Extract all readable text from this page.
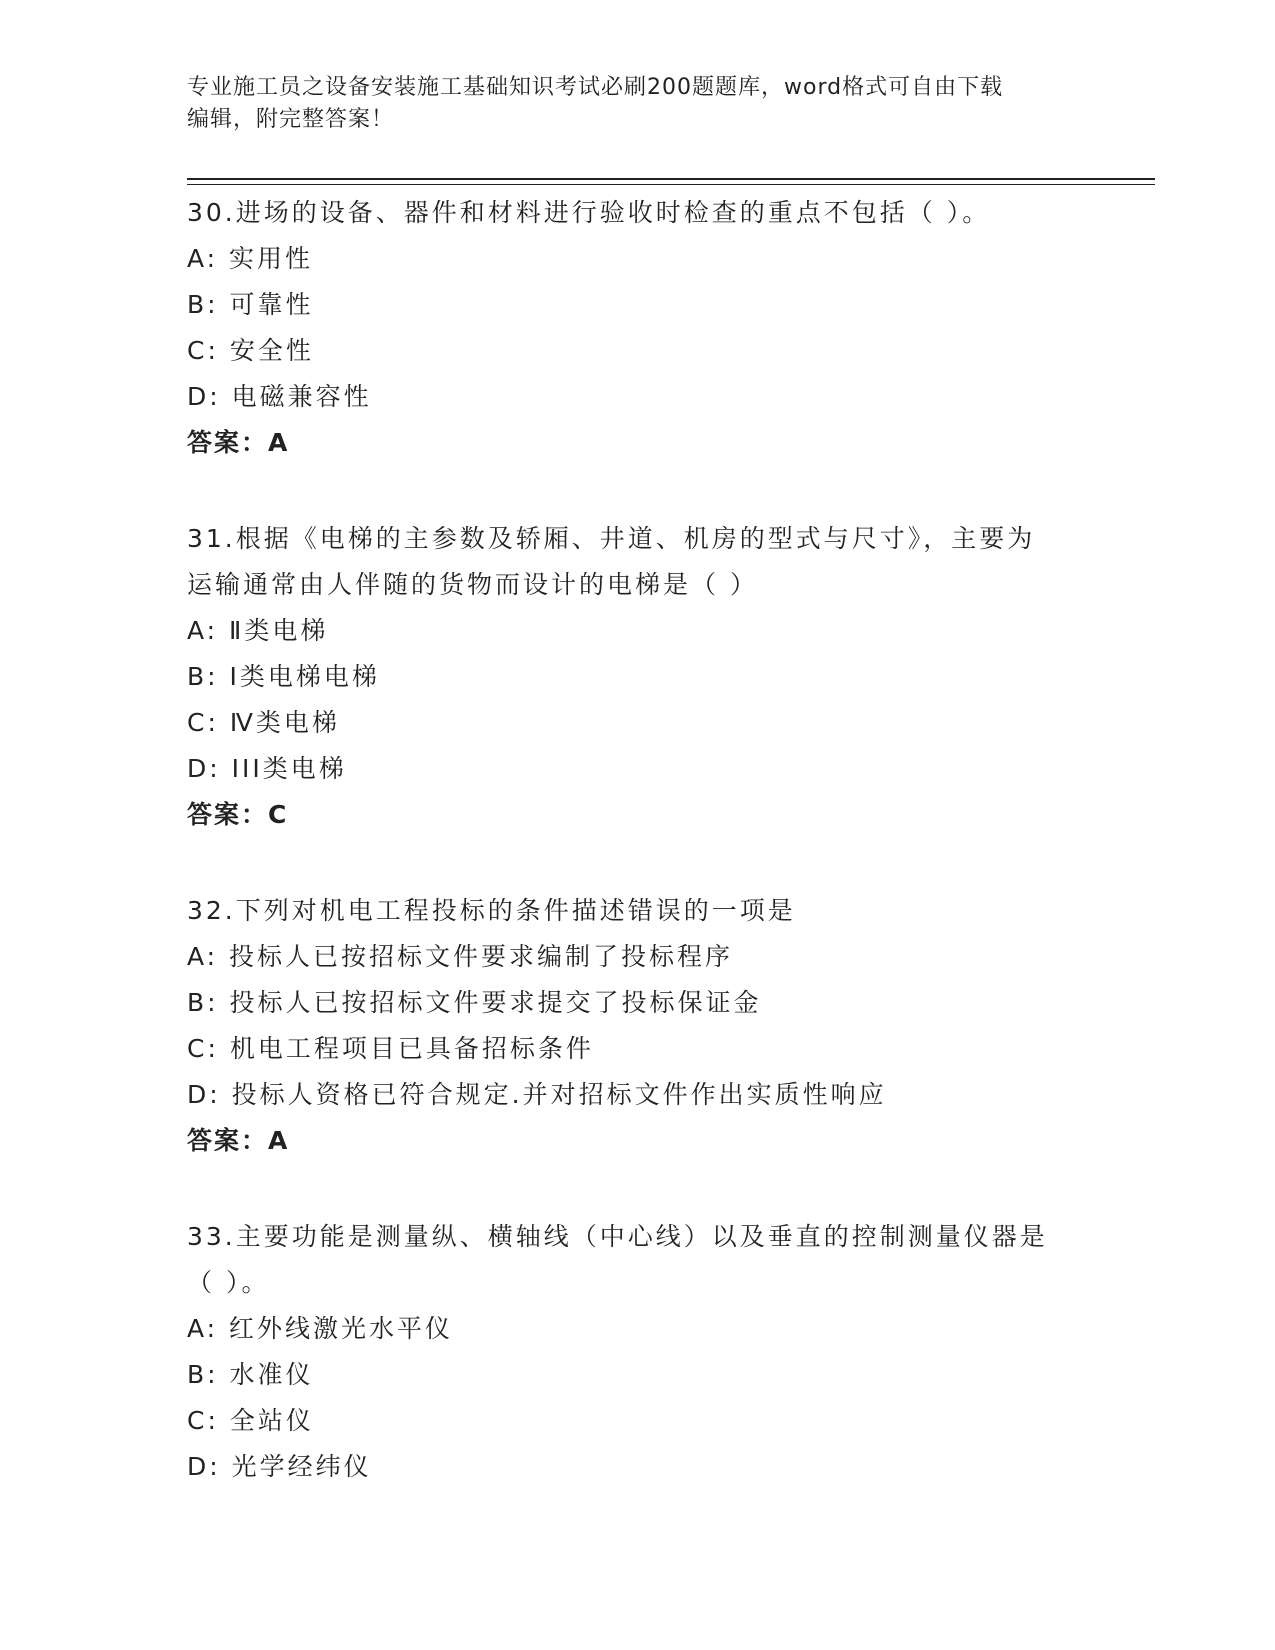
专业施工员之设备安装施工基础知识考试必刷200题题库，word格式可自由下载
编辑，附完整答案！

30.进场的设备、器件和材料进行验收时检查的重点不包括（ ）。

A: 实用性

B: 可靠性

C: 安全性

D: 电磁兼容性

答案：A

31.根据《电梯的主参数及轿厢、井道、机房的型式与尺寸》，主要为

运输通常由人伴随的货物而设计的电梯是（ ）

A: Ⅱ类电梯

B: Ⅰ类电梯电梯

C: Ⅳ类电梯

D: III类电梯

答案：C

32.下列对机电工程投标的条件描述错误的一项是

A: 投标人已按招标文件要求编制了投标程序

B: 投标人已按招标文件要求提交了投标保证金

C: 机电工程项目已具备招标条件

D: 投标人资格已符合规定.并对招标文件作出实质性响应

答案：A

33.主要功能是测量纵、横轴线（中心线）以及垂直的控制测量仪器是

（ ）。

A: 红外线激光水平仪

B: 水准仪

C: 全站仪

D: 光学经纬仪
